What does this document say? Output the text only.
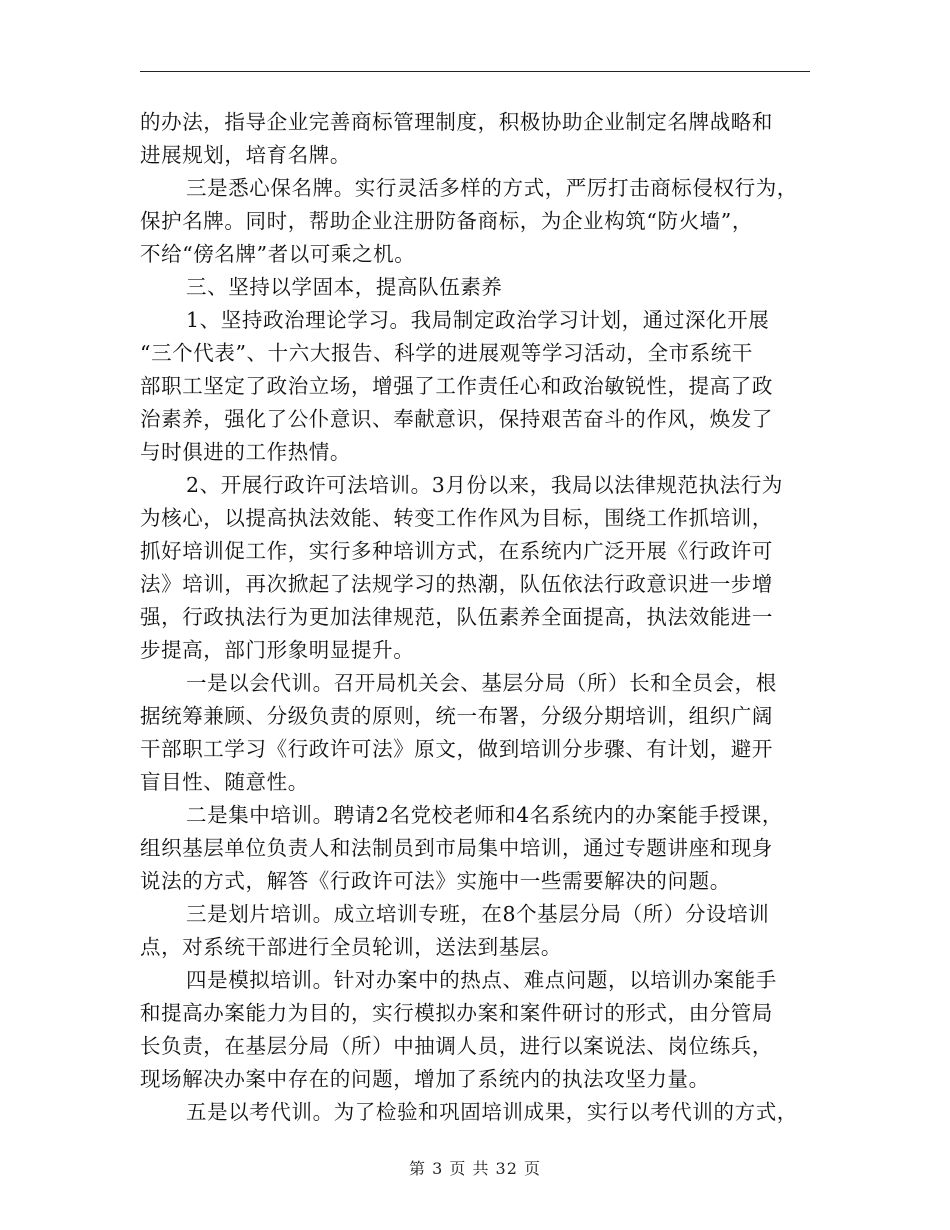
的办法，指导企业完善商标管理制度，积极协助企业制定名牌战略和
进展规划，培育名牌。
三是悉心保名牌。实行灵活多样的方式，严厉打击商标侵权行为，
保护名牌。同时，帮助企业注册防备商标，为企业构筑“防火墙”，
不给“傍名牌”者以可乘之机。
三、坚持以学固本，提高队伍素养
1、坚持政治理论学习。我局制定政治学习计划，通过深化开展
“三个代表”、十六大报告、科学的进展观等学习活动，全市系统干
部职工坚定了政治立场，增强了工作责任心和政治敏锐性，提高了政
治素养，强化了公仆意识、奉献意识，保持艰苦奋斗的作风，焕发了
与时俱进的工作热情。
2、开展行政许可法培训。3月份以来，我局以法律规范执法行为
为核心，以提高执法效能、转变工作作风为目标，围绕工作抓培训，
抓好培训促工作，实行多种培训方式，在系统内广泛开展《行政许可
法》培训，再次掀起了法规学习的热潮，队伍依法行政意识进一步增
强，行政执法行为更加法律规范，队伍素养全面提高，执法效能进一
步提高，部门形象明显提升。
一是以会代训。召开局机关会、基层分局（所）长和全员会，根
据统筹兼顾、分级负责的原则，统一布署，分级分期培训，组织广阔
干部职工学习《行政许可法》原文，做到培训分步骤、有计划，避开
盲目性、随意性。
二是集中培训。聘请2名党校老师和4名系统内的办案能手授课，
组织基层单位负责人和法制员到市局集中培训，通过专题讲座和现身
说法的方式，解答《行政许可法》实施中一些需要解决的问题。
三是划片培训。成立培训专班，在8个基层分局（所）分设培训
点，对系统干部进行全员轮训，送法到基层。
四是模拟培训。针对办案中的热点、难点问题，以培训办案能手
和提高办案能力为目的，实行模拟办案和案件研讨的形式，由分管局
长负责，在基层分局（所）中抽调人员，进行以案说法、岗位练兵，
现场解决办案中存在的问题，增加了系统内的执法攻坚力量。
五是以考代训。为了检验和巩固培训成果，实行以考代训的方式，
第 3 页 共 32 页
